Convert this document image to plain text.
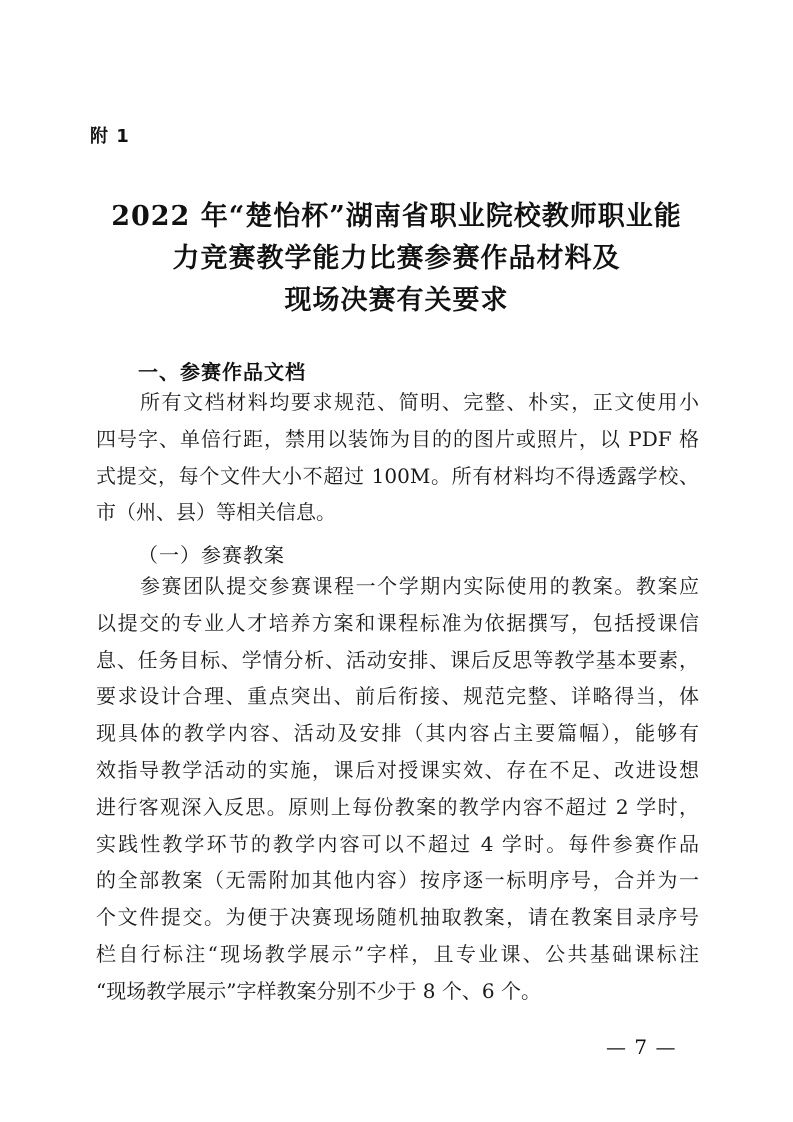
附 1
2022 年“楚怡杯”湖南省职业院校教师职业能
力竞赛教学能力比赛参赛作品材料及
现场决赛有关要求
一、参赛作品文档
所有文档材料均要求规范、简明、完整、朴实，正文使用小
四号字、单倍行距，禁用以装饰为目的的图片或照片，以 PDF 格
式提交，每个文件大小不超过 100M。所有材料均不得透露学校、
市（州、县）等相关信息。
（一）参赛教案
参赛团队提交参赛课程一个学期内实际使用的教案。教案应
以提交的专业人才培养方案和课程标准为依据撰写，包括授课信
息、任务目标、学情分析、活动安排、课后反思等教学基本要素，
要求设计合理、重点突出、前后衔接、规范完整、详略得当，体
现具体的教学内容、活动及安排（其内容占主要篇幅），能够有
效指导教学活动的实施，课后对授课实效、存在不足、改进设想
进行客观深入反思。原则上每份教案的教学内容不超过 2 学时，
实践性教学环节的教学内容可以不超过 4 学时。每件参赛作品
的全部教案（无需附加其他内容）按序逐一标明序号，合并为一
个文件提交。为便于决赛现场随机抽取教案，请在教案目录序号
栏自行标注“现场教学展示”字样，且专业课、公共基础课标注
“现场教学展示”字样教案分别不少于 8 个、6 个。
— 7 —
